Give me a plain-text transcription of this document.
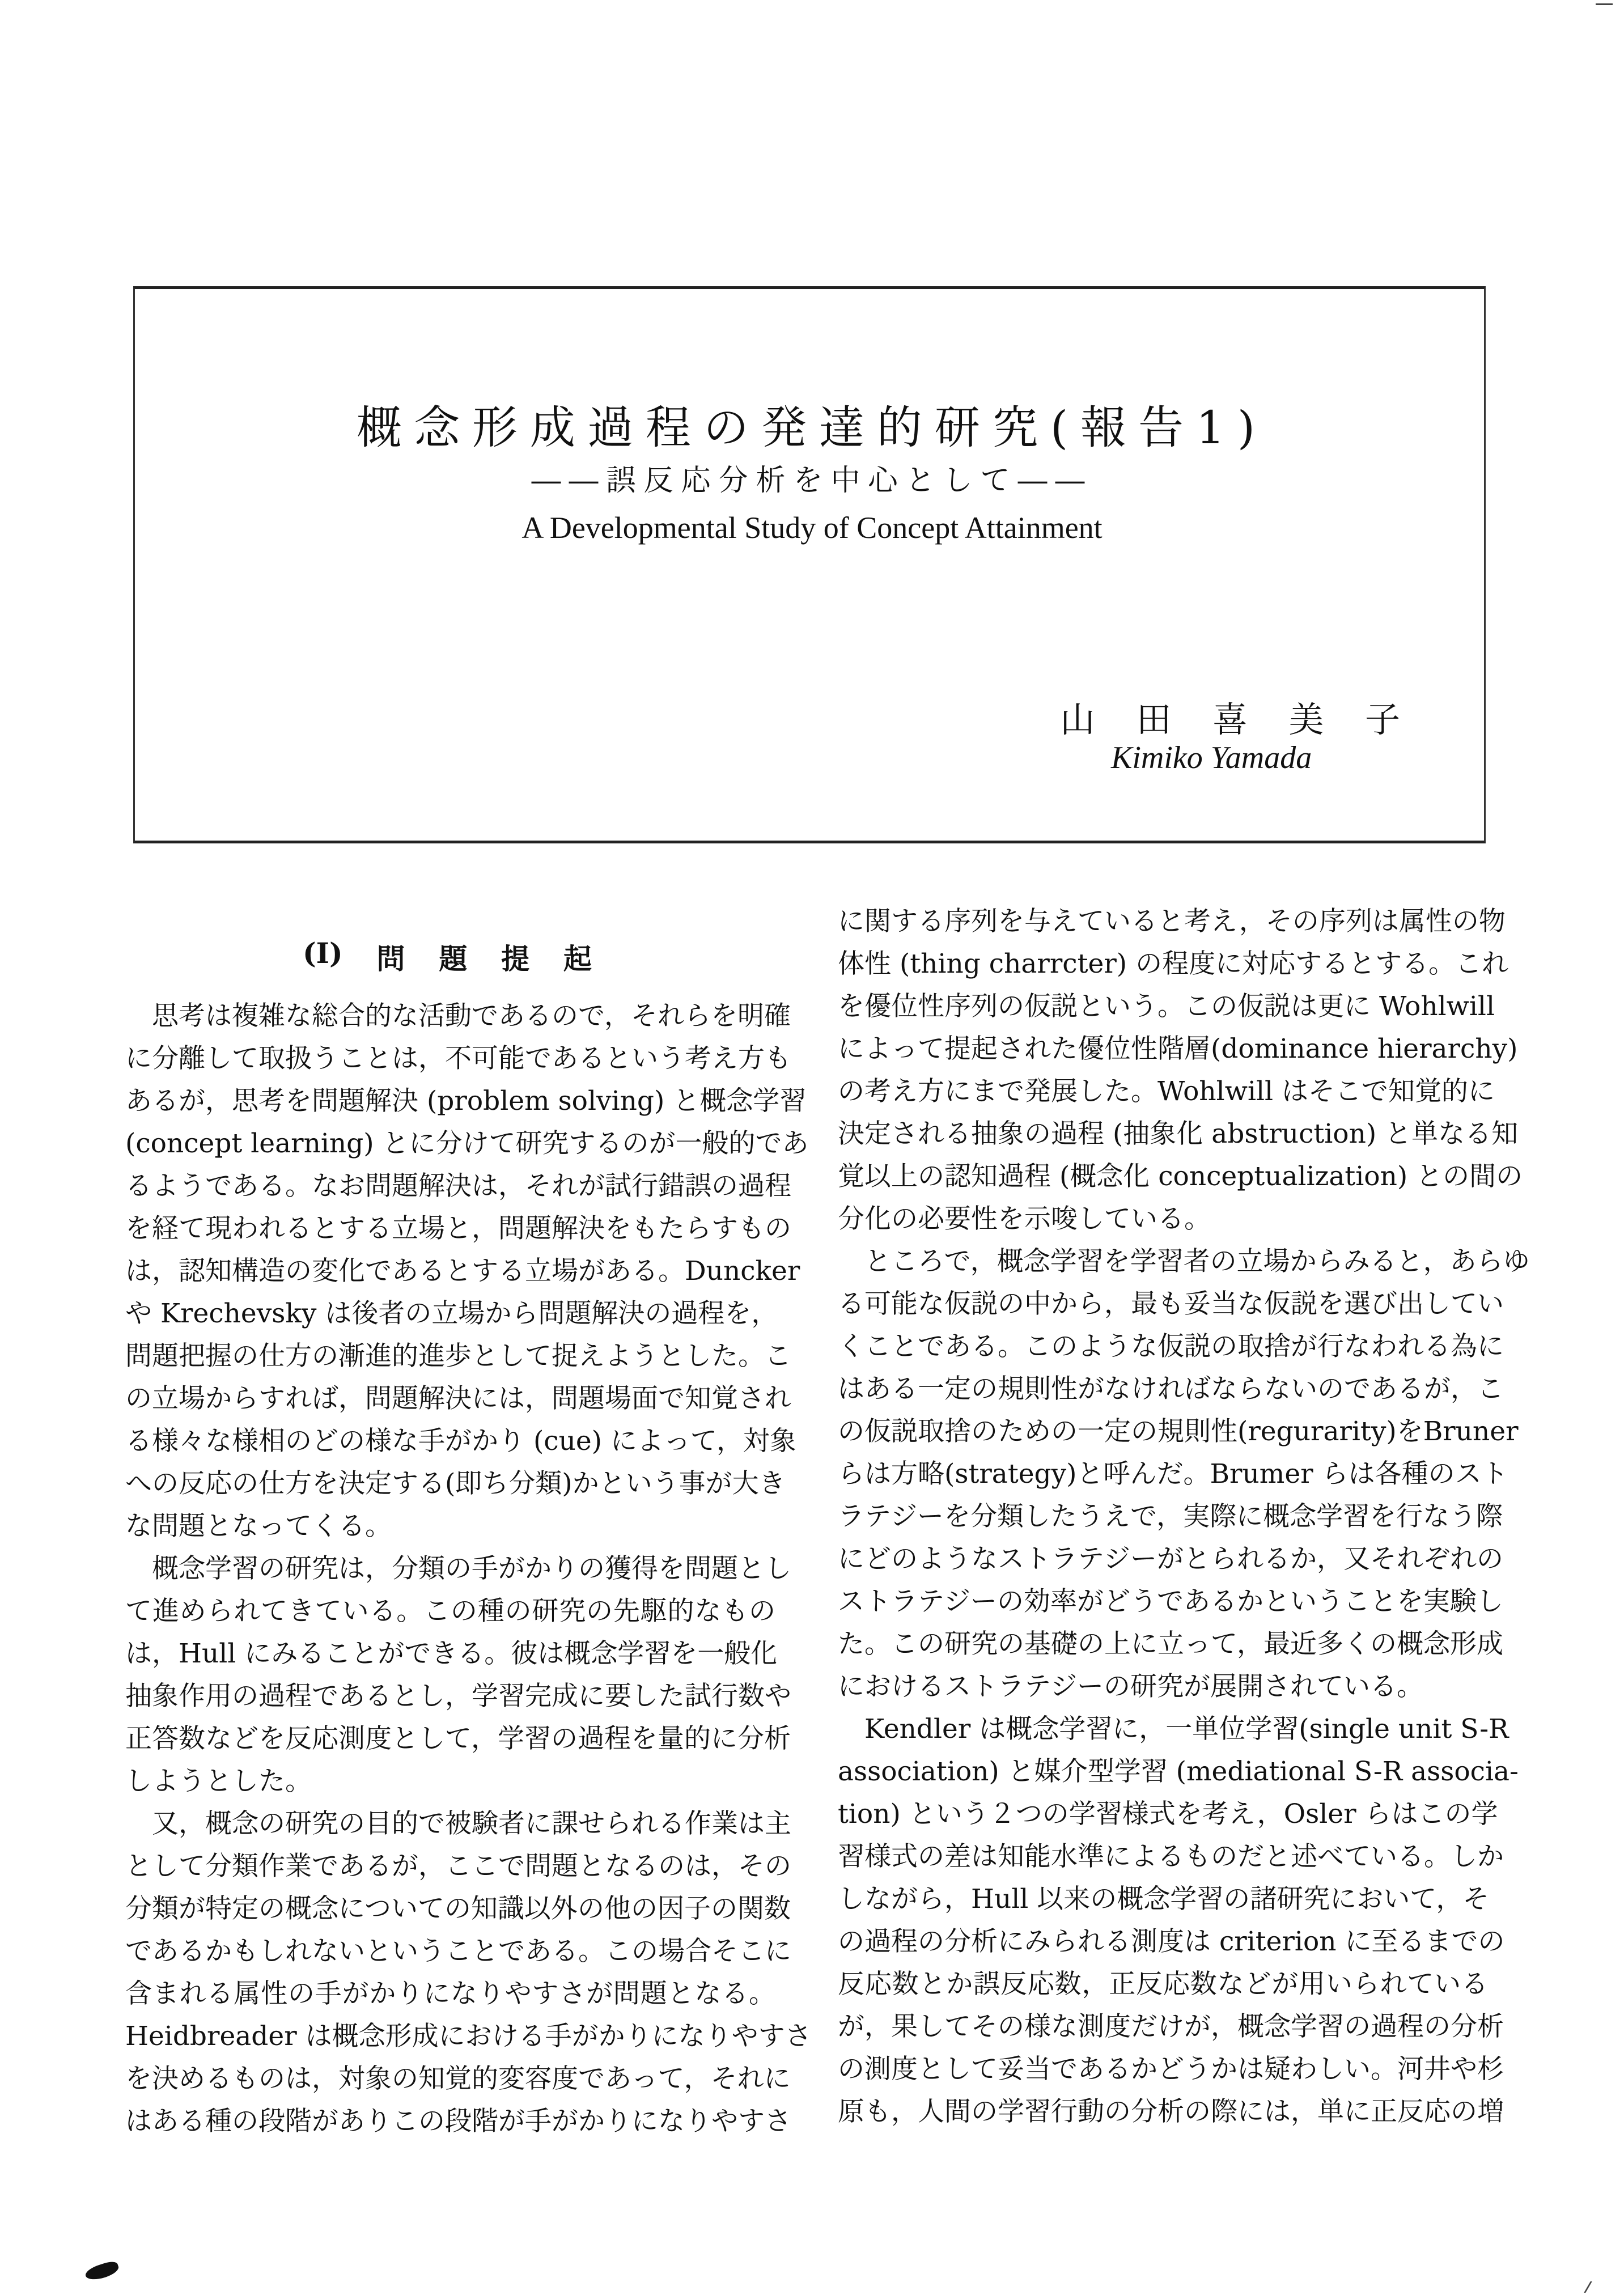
概念形成過程の発達的研究(報告1)
――誤反応分析を中心として――
A Developmental Study of Concept Attainment
山 田 喜 美 子
Kimiko Yamada
(I) 問 題 提 起
思考は複雑な総合的な活動であるので，それらを明確
に分離して取扱うことは，不可能であるという考え方も
あるが，思考を問題解決 (problem solving) と概念学習
(concept learning) とに分けて研究するのが一般的であ
るようである。なお問題解決は，それが試行錯誤の過程
を経て現われるとする立場と，問題解決をもたらすもの
は，認知構造の変化であるとする立場がある。Duncker
や Krechevsky は後者の立場から問題解決の過程を，
問題把握の仕方の漸進的進歩として捉えようとした。こ
の立場からすれば，問題解決には，問題場面で知覚され
る様々な様相のどの様な手がかり (cue) によって，対象
への反応の仕方を決定する(即ち分類)かという事が大き
な問題となってくる。
概念学習の研究は，分類の手がかりの獲得を問題とし
て進められてきている。この種の研究の先駆的なもの
は，Hull にみることができる。彼は概念学習を一般化
抽象作用の過程であるとし，学習完成に要した試行数や
正答数などを反応測度として，学習の過程を量的に分析
しようとした。
又，概念の研究の目的で被験者に課せられる作業は主
として分類作業であるが，ここで問題となるのは，その
分類が特定の概念についての知識以外の他の因子の関数
であるかもしれないということである。この場合そこに
含まれる属性の手がかりになりやすさが問題となる。
Heidbreader は概念形成における手がかりになりやすさ
を決めるものは，対象の知覚的変容度であって，それに
はある種の段階がありこの段階が手がかりになりやすさ
に関する序列を与えていると考え，その序列は属性の物
体性 (thing charrcter) の程度に対応するとする。これ
を優位性序列の仮説という。この仮説は更に Wohlwill
によって提起された優位性階層(dominance hierarchy)
の考え方にまで発展した。Wohlwill はそこで知覚的に
決定される抽象の過程 (抽象化 abstruction) と単なる知
覚以上の認知過程 (概念化 conceptualization) との間の
分化の必要性を示唆している。
ところで，概念学習を学習者の立場からみると，あらゆ
る可能な仮説の中から，最も妥当な仮説を選び出してい
くことである。このような仮説の取捨が行なわれる為に
はある一定の規則性がなければならないのであるが，こ
の仮説取捨のための一定の規則性(regurarity)をBruner
らは方略(strategy)と呼んだ。Brumer らは各種のスト
ラテジーを分類したうえで，実際に概念学習を行なう際
にどのようなストラテジーがとられるか，又それぞれの
ストラテジーの効率がどうであるかということを実験し
た。この研究の基礎の上に立って，最近多くの概念形成
におけるストラテジーの研究が展開されている。
Kendler は概念学習に，一単位学習(single unit S-R
association) と媒介型学習 (mediational S-R associa-
tion) という２つの学習様式を考え，Osler らはこの学
習様式の差は知能水準によるものだと述べている。しか
しながら，Hull 以来の概念学習の諸研究において，そ
の過程の分析にみられる測度は criterion に至るまでの
反応数とか誤反応数，正反応数などが用いられている
が，果してその様な測度だけが，概念学習の過程の分析
の測度として妥当であるかどうかは疑わしい。河井や杉
原も，人間の学習行動の分析の際には，単に正反応の増
